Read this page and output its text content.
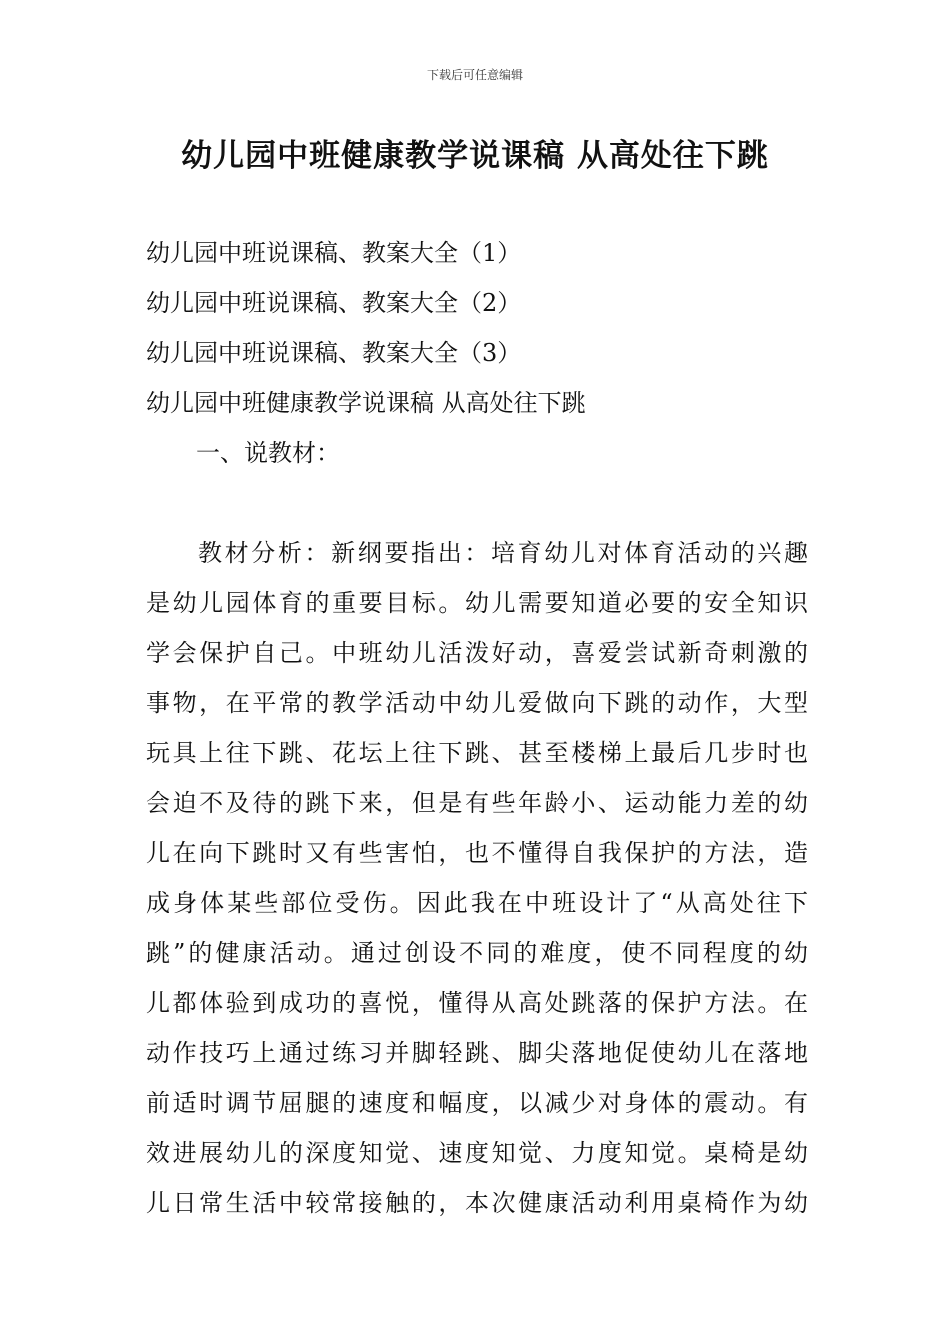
下载后可任意编辑
幼儿园中班健康教学说课稿 从高处往下跳
幼儿园中班说课稿、教案大全（1）
幼儿园中班说课稿、教案大全（2）
幼儿园中班说课稿、教案大全（3）
幼儿园中班健康教学说课稿 从高处往下跳
一、说教材：

教材分析：新纲要指出：培育幼儿对体育活动的兴趣
是幼儿园体育的重要目标。幼儿需要知道必要的安全知识
学会保护自己。中班幼儿活泼好动，喜爱尝试新奇刺激的
事物，在平常的教学活动中幼儿爱做向下跳的动作，大型
玩具上往下跳、花坛上往下跳、甚至楼梯上最后几步时也
会迫不及待的跳下来，但是有些年龄小、运动能力差的幼
儿在向下跳时又有些害怕，也不懂得自我保护的方法，造
成身体某些部位受伤。因此我在中班设计了“从高处往下
跳”的健康活动。通过创设不同的难度，使不同程度的幼
儿都体验到成功的喜悦，懂得从高处跳落的保护方法。在
动作技巧上通过练习并脚轻跳、脚尖落地促使幼儿在落地
前适时调节屈腿的速度和幅度，以减少对身体的震动。有
效进展幼儿的深度知觉、速度知觉、力度知觉。桌椅是幼
儿日常生活中较常接触的，本次健康活动利用桌椅作为幼
